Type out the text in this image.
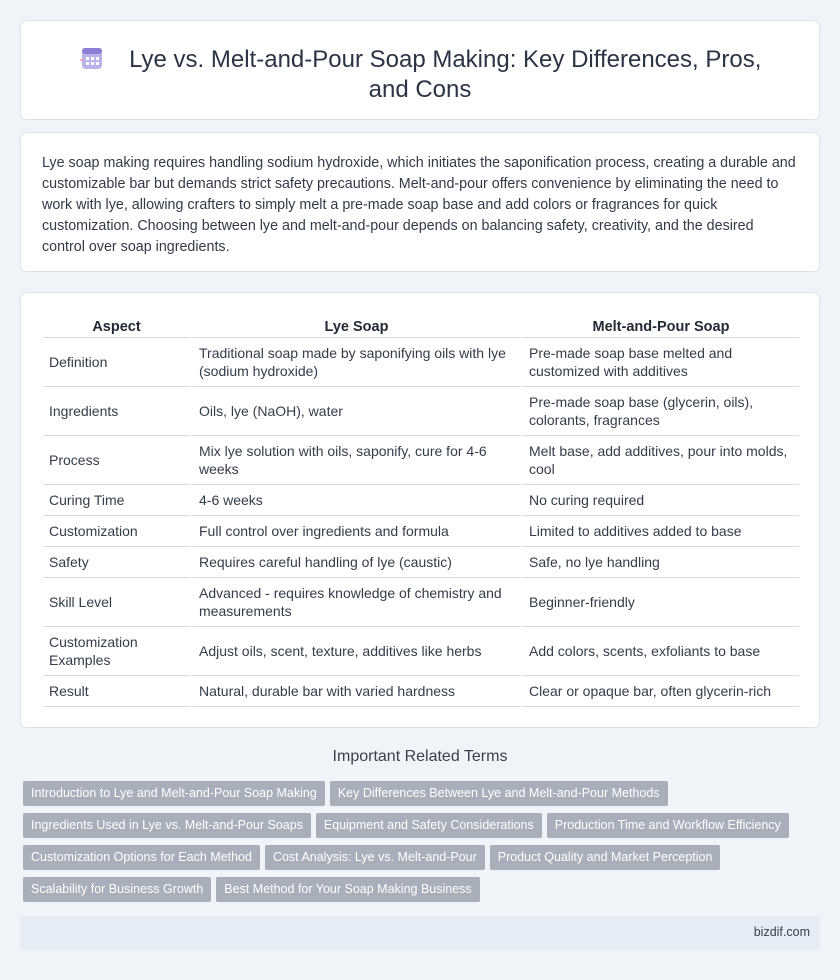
Lye vs. Melt-and-Pour Soap Making: Key Differences, Pros, and Cons

Lye soap making requires handling sodium hydroxide, which initiates the saponification process, creating a durable and customizable bar but demands strict safety precautions. Melt-and-pour offers convenience by eliminating the need to work with lye, allowing crafters to simply melt a pre-made soap base and add colors or fragrances for quick customization. Choosing between lye and melt-and-pour depends on balancing safety, creativity, and the desired control over soap ingredients.

Aspect	Lye Soap	Melt-and-Pour Soap
Definition	Traditional soap made by saponifying oils with lye (sodium hydroxide)	Pre-made soap base melted and customized with additives
Ingredients	Oils, lye (NaOH), water	Pre-made soap base (glycerin, oils), colorants, fragrances
Process	Mix lye solution with oils, saponify, cure for 4-6 weeks	Melt base, add additives, pour into molds, cool
Curing Time	4-6 weeks	No curing required
Customization	Full control over ingredients and formula	Limited to additives added to base
Safety	Requires careful handling of lye (caustic)	Safe, no lye handling
Skill Level	Advanced - requires knowledge of chemistry and measurements	Beginner-friendly
Customization Examples	Adjust oils, scent, texture, additives like herbs	Add colors, scents, exfoliants to base
Result	Natural, durable bar with varied hardness	Clear or opaque bar, often glycerin-rich
Important Related Terms
Introduction to Lye and Melt-and-Pour Soap Making Key Differences Between Lye and Melt-and-Pour Methods
Ingredients Used in Lye vs. Melt-and-Pour Soaps Equipment and Safety Considerations Production Time and Workflow Efficiency
Customization Options for Each Method Cost Analysis: Lye vs. Melt-and-Pour Product Quality and Market Perception
Scalability for Business Growth Best Method for Your Soap Making Business
bizdif.com
